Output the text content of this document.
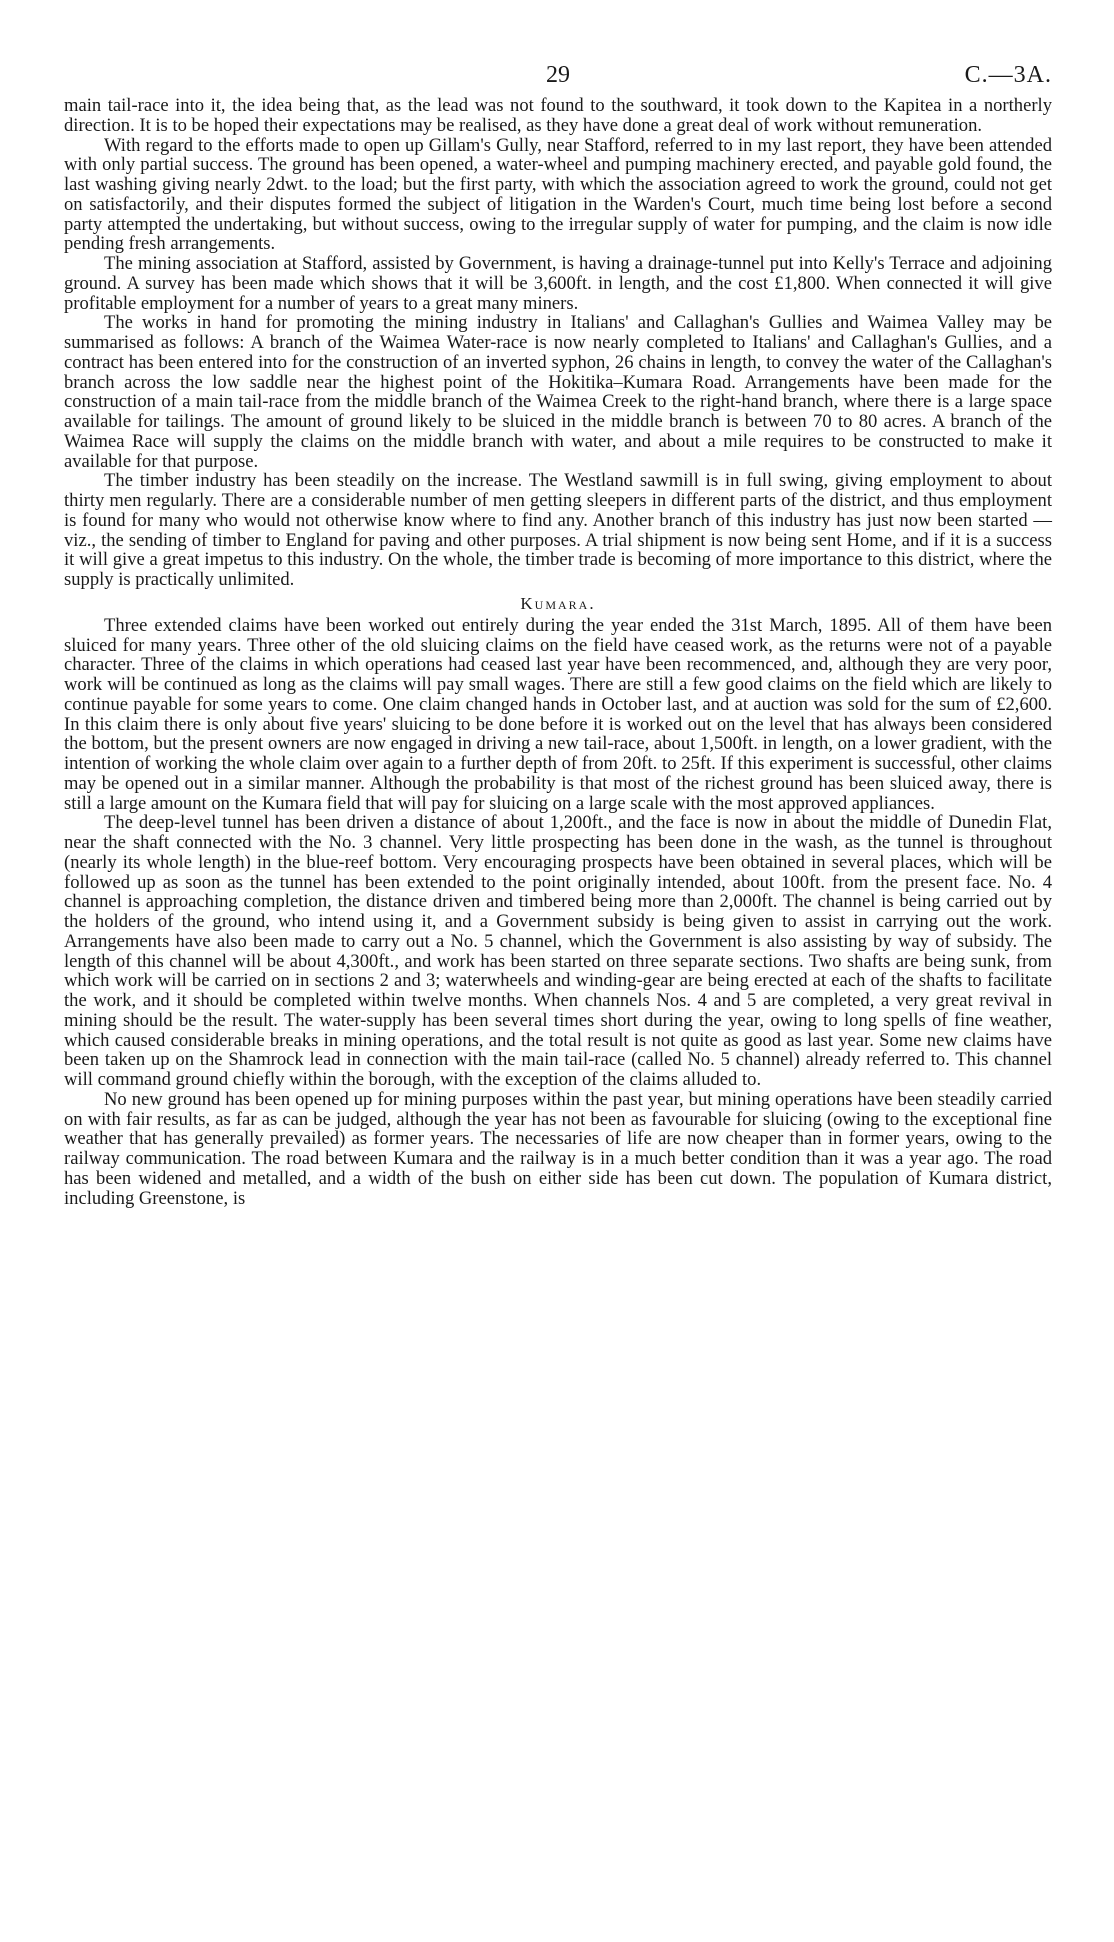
29	C.—3A.

main tail-race into it, the idea being that, as the lead was not found to the southward, it took down to the Kapitea in a northerly direction. It is to be hoped their expectations may be realised, as they have done a great deal of work without remuneration.

With regard to the efforts made to open up Gillam's Gully, near Stafford, referred to in my last report, they have been attended with only partial success. The ground has been opened, a water-wheel and pumping machinery erected, and payable gold found, the last washing giving nearly 2dwt. to the load; but the first party, with which the association agreed to work the ground, could not get on satisfactorily, and their disputes formed the subject of litigation in the Warden's Court, much time being lost before a second party attempted the undertaking, but without success, owing to the irregular supply of water for pumping, and the claim is now idle pending fresh arrangements.

The mining association at Stafford, assisted by Government, is having a drainage-tunnel put into Kelly's Terrace and adjoining ground. A survey has been made which shows that it will be 3,600ft. in length, and the cost £1,800. When connected it will give profitable employment for a number of years to a great many miners.

The works in hand for promoting the mining industry in Italians' and Callaghan's Gullies and Waimea Valley may be summarised as follows: A branch of the Waimea Water-race is now nearly completed to Italians' and Callaghan's Gullies, and a contract has been entered into for the construction of an inverted syphon, 26 chains in length, to convey the water of the Callaghan's branch across the low saddle near the highest point of the Hokitika–Kumara Road. Arrangements have been made for the construction of a main tail-race from the middle branch of the Waimea Creek to the right-hand branch, where there is a large space available for tailings. The amount of ground likely to be sluiced in the middle branch is between 70 to 80 acres. A branch of the Waimea Race will supply the claims on the middle branch with water, and about a mile requires to be constructed to make it available for that purpose.

The timber industry has been steadily on the increase. The Westland sawmill is in full swing, giving employment to about thirty men regularly. There are a considerable number of men getting sleepers in different parts of the district, and thus employment is found for many who would not otherwise know where to find any. Another branch of this industry has just now been started —viz., the sending of timber to England for paving and other purposes. A trial shipment is now being sent Home, and if it is a success it will give a great impetus to this industry. On the whole, the timber trade is becoming of more importance to this district, where the supply is practically unlimited.

Kumara.

Three extended claims have been worked out entirely during the year ended the 31st March, 1895. All of them have been sluiced for many years. Three other of the old sluicing claims on the field have ceased work, as the returns were not of a payable character. Three of the claims in which operations had ceased last year have been recommenced, and, although they are very poor, work will be continued as long as the claims will pay small wages. There are still a few good claims on the field which are likely to continue payable for some years to come. One claim changed hands in October last, and at auction was sold for the sum of £2,600. In this claim there is only about five years' sluicing to be done before it is worked out on the level that has always been considered the bottom, but the present owners are now engaged in driving a new tail-race, about 1,500ft. in length, on a lower gradient, with the intention of working the whole claim over again to a further depth of from 20ft. to 25ft. If this experiment is successful, other claims may be opened out in a similar manner. Although the probability is that most of the richest ground has been sluiced away, there is still a large amount on the Kumara field that will pay for sluicing on a large scale with the most approved appliances.

The deep-level tunnel has been driven a distance of about 1,200ft., and the face is now in about the middle of Dunedin Flat, near the shaft connected with the No. 3 channel. Very little prospecting has been done in the wash, as the tunnel is throughout (nearly its whole length) in the blue-reef bottom. Very encouraging prospects have been obtained in several places, which will be followed up as soon as the tunnel has been extended to the point originally intended, about 100ft. from the present face. No. 4 channel is approaching completion, the distance driven and timbered being more than 2,000ft. The channel is being carried out by the holders of the ground, who intend using it, and a Government subsidy is being given to assist in carrying out the work. Arrangements have also been made to carry out a No. 5 channel, which the Government is also assisting by way of subsidy. The length of this channel will be about 4,300ft., and work has been started on three separate sections. Two shafts are being sunk, from which work will be carried on in sections 2 and 3; waterwheels and winding-gear are being erected at each of the shafts to facilitate the work, and it should be completed within twelve months. When channels Nos. 4 and 5 are completed, a very great revival in mining should be the result. The water-supply has been several times short during the year, owing to long spells of fine weather, which caused considerable breaks in mining operations, and the total result is not quite as good as last year. Some new claims have been taken up on the Shamrock lead in connection with the main tail-race (called No. 5 channel) already referred to. This channel will command ground chiefly within the borough, with the exception of the claims alluded to.

No new ground has been opened up for mining purposes within the past year, but mining operations have been steadily carried on with fair results, as far as can be judged, although the year has not been as favourable for sluicing (owing to the exceptional fine weather that has generally prevailed) as former years. The necessaries of life are now cheaper than in former years, owing to the railway communication. The road between Kumara and the railway is in a much better condition than it was a year ago. The road has been widened and metalled, and a width of the bush on either side has been cut down. The population of Kumara district, including Greenstone, is
